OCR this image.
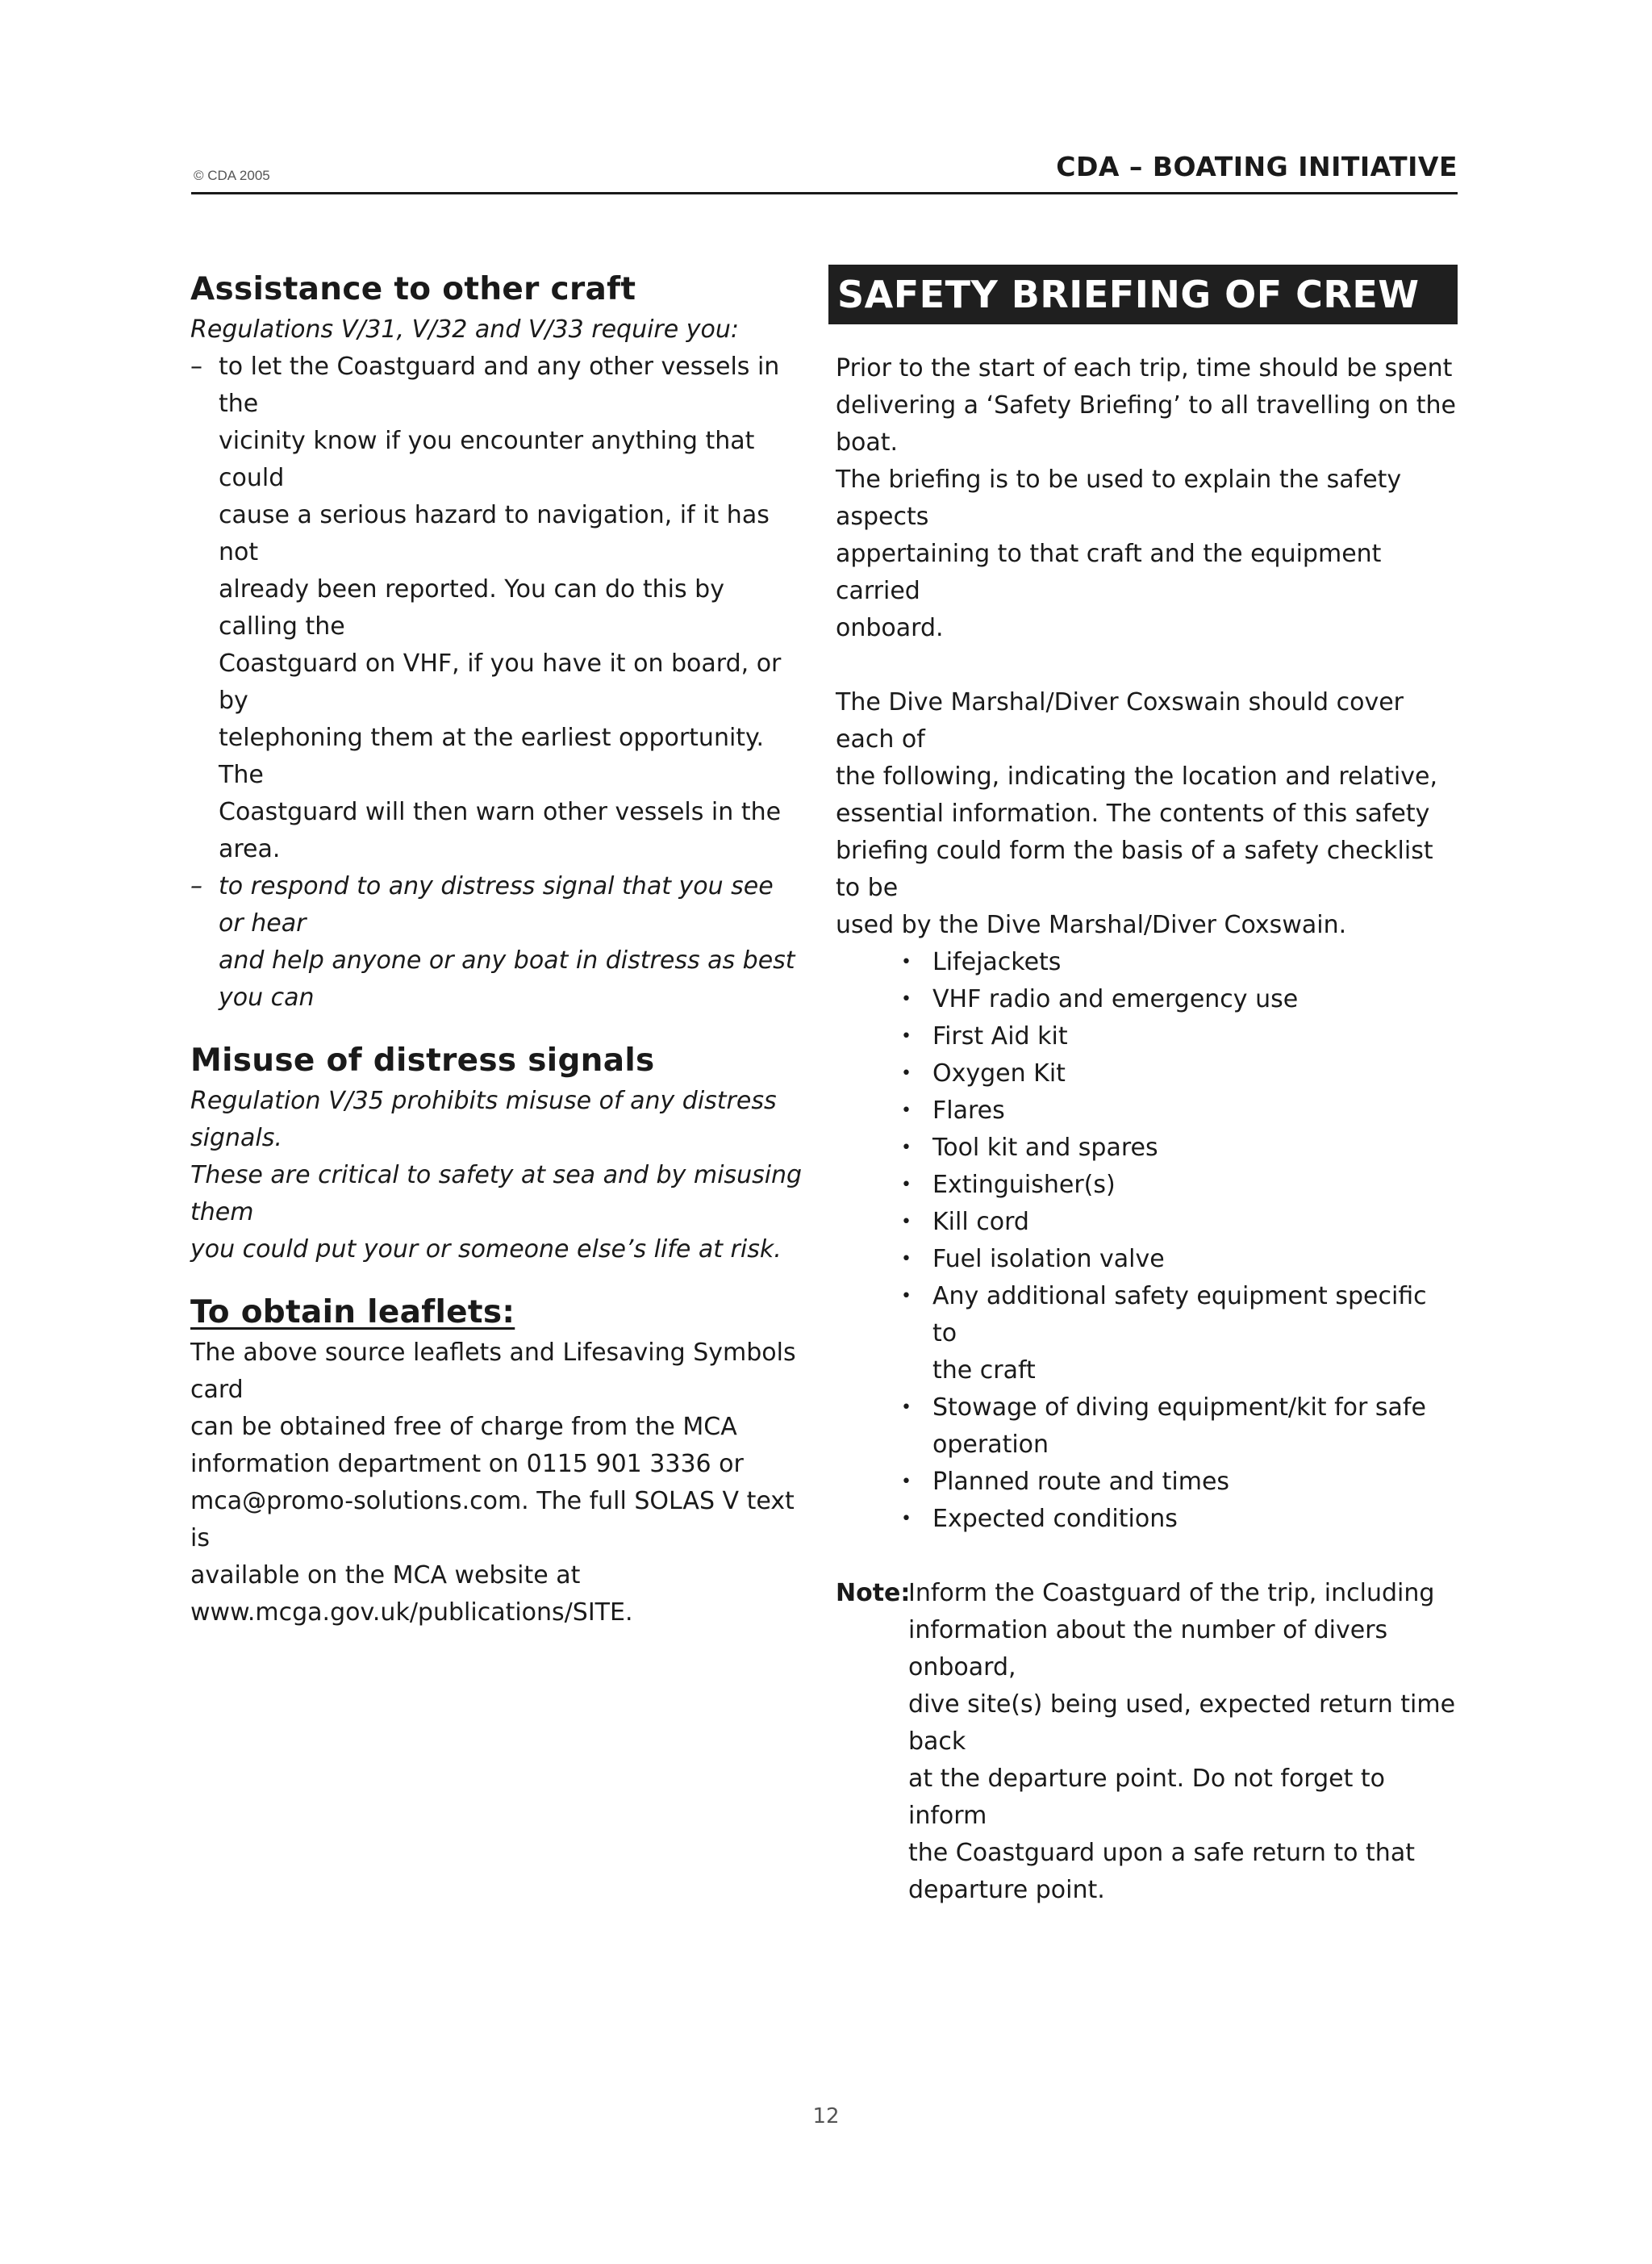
© CDA 2005	CDA – BOATING INITIATIVE
Assistance to other craft

Regulations V/31, V/32 and V/33 require you:

– to let the Coastguard and any other vessels in the
vicinity know if you encounter anything that could
cause a serious hazard to navigation, if it has not
already been reported. You can do this by calling the
Coastguard on VHF, if you have it on board, or by
telephoning them at the earliest opportunity. The
Coastguard will then warn other vessels in the area.
– to respond to any distress signal that you see or hear
and help anyone or any boat in distress as best
you can
Misuse of distress signals

Regulation V/35 prohibits misuse of any distress signals.
These are critical to safety at sea and by misusing them
you could put your or someone else’s life at risk.

To obtain leaflets:

The above source leaflets and Lifesaving Symbols card
can be obtained free of charge from the MCA
information department on 0115 901 3336 or
mca@promo-solutions.com. The full SOLAS V text is
available on the MCA website at
www.mcga.gov.uk/publications/SITE.

SAFETY BRIEFING OF CREW

Prior to the start of each trip, time should be spent
delivering a ‘Safety Briefing’ to all travelling on the boat.
The briefing is to be used to explain the safety aspects
appertaining to that craft and the equipment carried
onboard.

The Dive Marshal/Diver Coxswain should cover each of
the following, indicating the location and relative,
essential information. The contents of this safety
briefing could form the basis of a safety checklist to be
used by the Dive Marshal/Diver Coxswain.

• Lifejackets
• VHF radio and emergency use
• First Aid kit
• Oxygen Kit
• Flares
• Tool kit and spares
• Extinguisher(s)
• Kill cord
• Fuel isolation valve
• Any additional safety equipment specific to
the craft
• Stowage of diving equipment/kit for safe
operation
• Planned route and times
• Expected conditions
Note:
Inform the Coastguard of the trip, including
information about the number of divers onboard,
dive site(s) being used, expected return time back
at the departure point. Do not forget to inform
the Coastguard upon a safe return to that
departure point.
12
